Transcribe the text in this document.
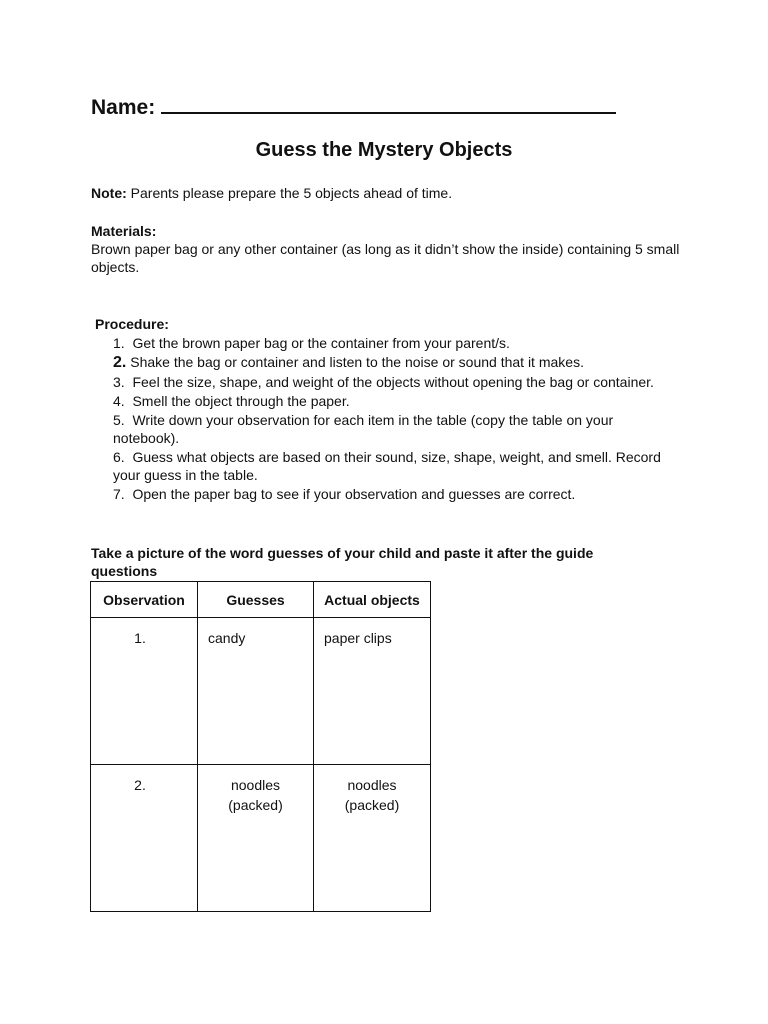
Name:
Guess the Mystery Objects
Note: Parents please prepare the 5 objects ahead of time.
Materials:
Brown paper bag or any other container (as long as it didn’t show the inside) containing 5 small objects.
Procedure:
1. Get the brown paper bag or the container from your parent/s.
2. Shake the bag or container and listen to the noise or sound that it makes.
3. Feel the size, shape, and weight of the objects without opening the bag or container.
4. Smell the object through the paper.
5. Write down your observation for each item in the table (copy the table on your notebook).
6. Guess what objects are based on their sound, size, shape, weight, and smell. Record your guess in the table.
7. Open the paper bag to see if your observation and guesses are correct.
Take a picture of the word guesses of your child and paste it after the guide questions
Observation	Guesses	Actual objects

1.	candy	paper clips

2.	noodles (packed)	noodles (packed)
